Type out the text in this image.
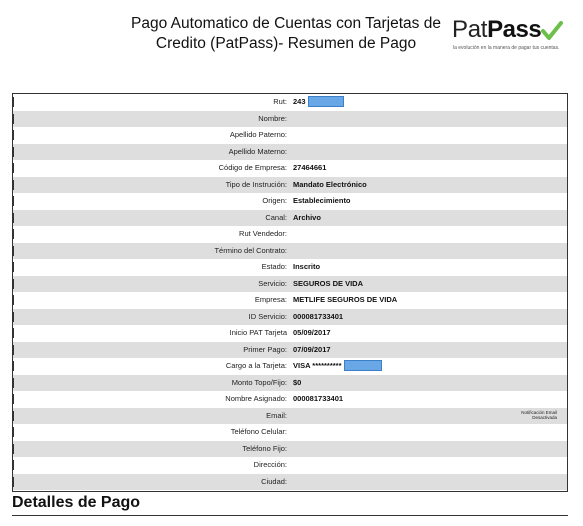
Pago Automatico de Cuentas con Tarjetas de
Credito (PatPass)- Resumen de Pago
PatPass
la evolución en la manera de pagar tus cuentas.
Rut: 243
Nombre:
Apellido Paterno:
Apellido Materno:
Código de Empresa: 27464661
Tipo de Instrución: Mandato Electrónico
Origen: Establecimiento
Canal: Archivo
Rut Vendedor:
Término del Contrato:
Estado: Inscrito
Servicio: SEGUROS DE VIDA
Empresa: METLIFE SEGUROS DE VIDA
ID Servicio: 000081733401
Inicio PAT Tarjeta 05/09/2017
Primer Pago: 07/09/2017
Cargo a la Tarjeta: VISA **********
Monto Topo/Fijo: $0
Nombre Asignado: 000081733401
Email:	Notificación Email
Desactivada
Teléfono Celular:
Teléfono Fijo:
Dirección:
Ciudad:
Detalles de Pago
